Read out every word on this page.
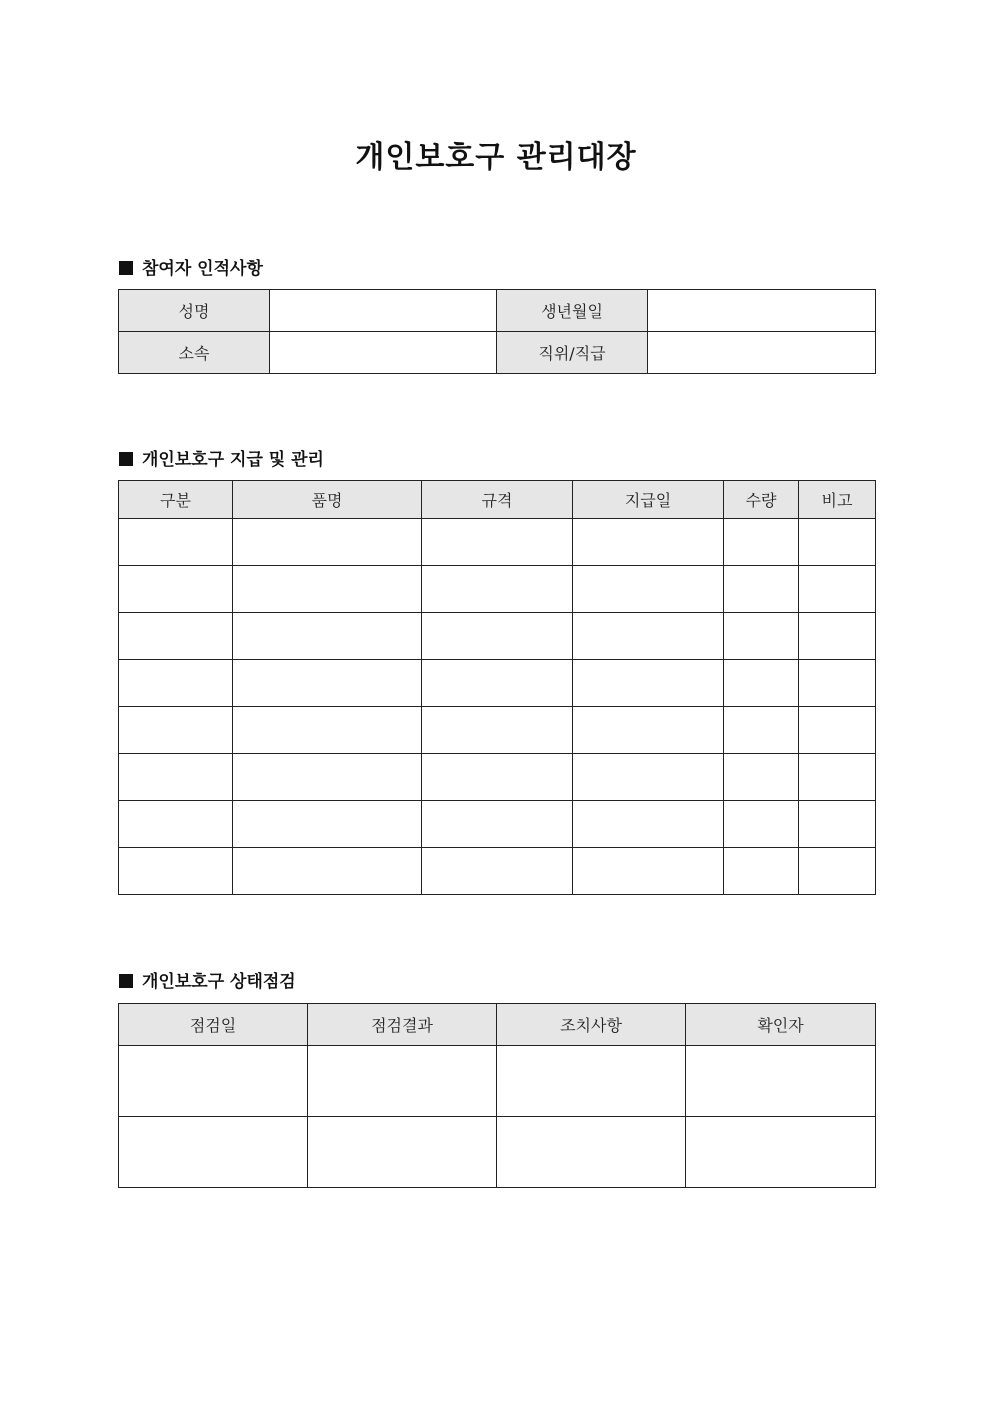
개인보호구 관리대장
참여자 인적사항
성명		생년월일	
소속		직위/직급	
개인보호구 지급 및 관리
구분	품명	규격	지급일	수량	비고

개인보호구 상태점검
점검일	점검결과	조치사항	확인자
